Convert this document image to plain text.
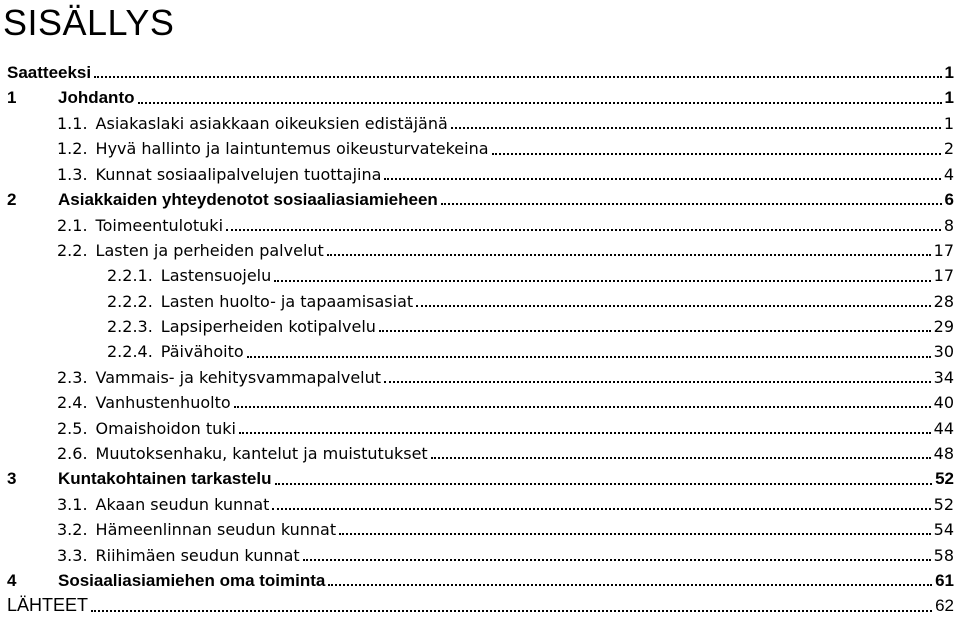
SISÄLLYS
Saatteeksi	1
1	Johdanto	1
1.1. Asiakaslaki asiakkaan oikeuksien edistäjänä	1
1.2. Hyvä hallinto ja laintuntemus oikeusturvatekeina	2
1.3. Kunnat sosiaalipalvelujen tuottajina	4
2	Asiakkaiden yhteydenotot sosiaaliasiamieheen	6
2.1. Toimeentulotuki	8
2.2. Lasten ja perheiden palvelut	17
2.2.1. Lastensuojelu	17
2.2.2. Lasten huolto- ja tapaamisasiat	28
2.2.3. Lapsiperheiden kotipalvelu	29
2.2.4. Päivähoito	30
2.3. Vammais- ja kehitysvammapalvelut	34
2.4. Vanhustenhuolto	40
2.5. Omaishoidon tuki	44
2.6. Muutoksenhaku, kantelut ja muistutukset	48
3	Kuntakohtainen tarkastelu	52
3.1. Akaan seudun kunnat	52
3.2. Hämeenlinnan seudun kunnat	54
3.3. Riihimäen seudun kunnat	58
4	Sosiaaliasiamiehen oma toiminta	61
LÄHTEET	62
